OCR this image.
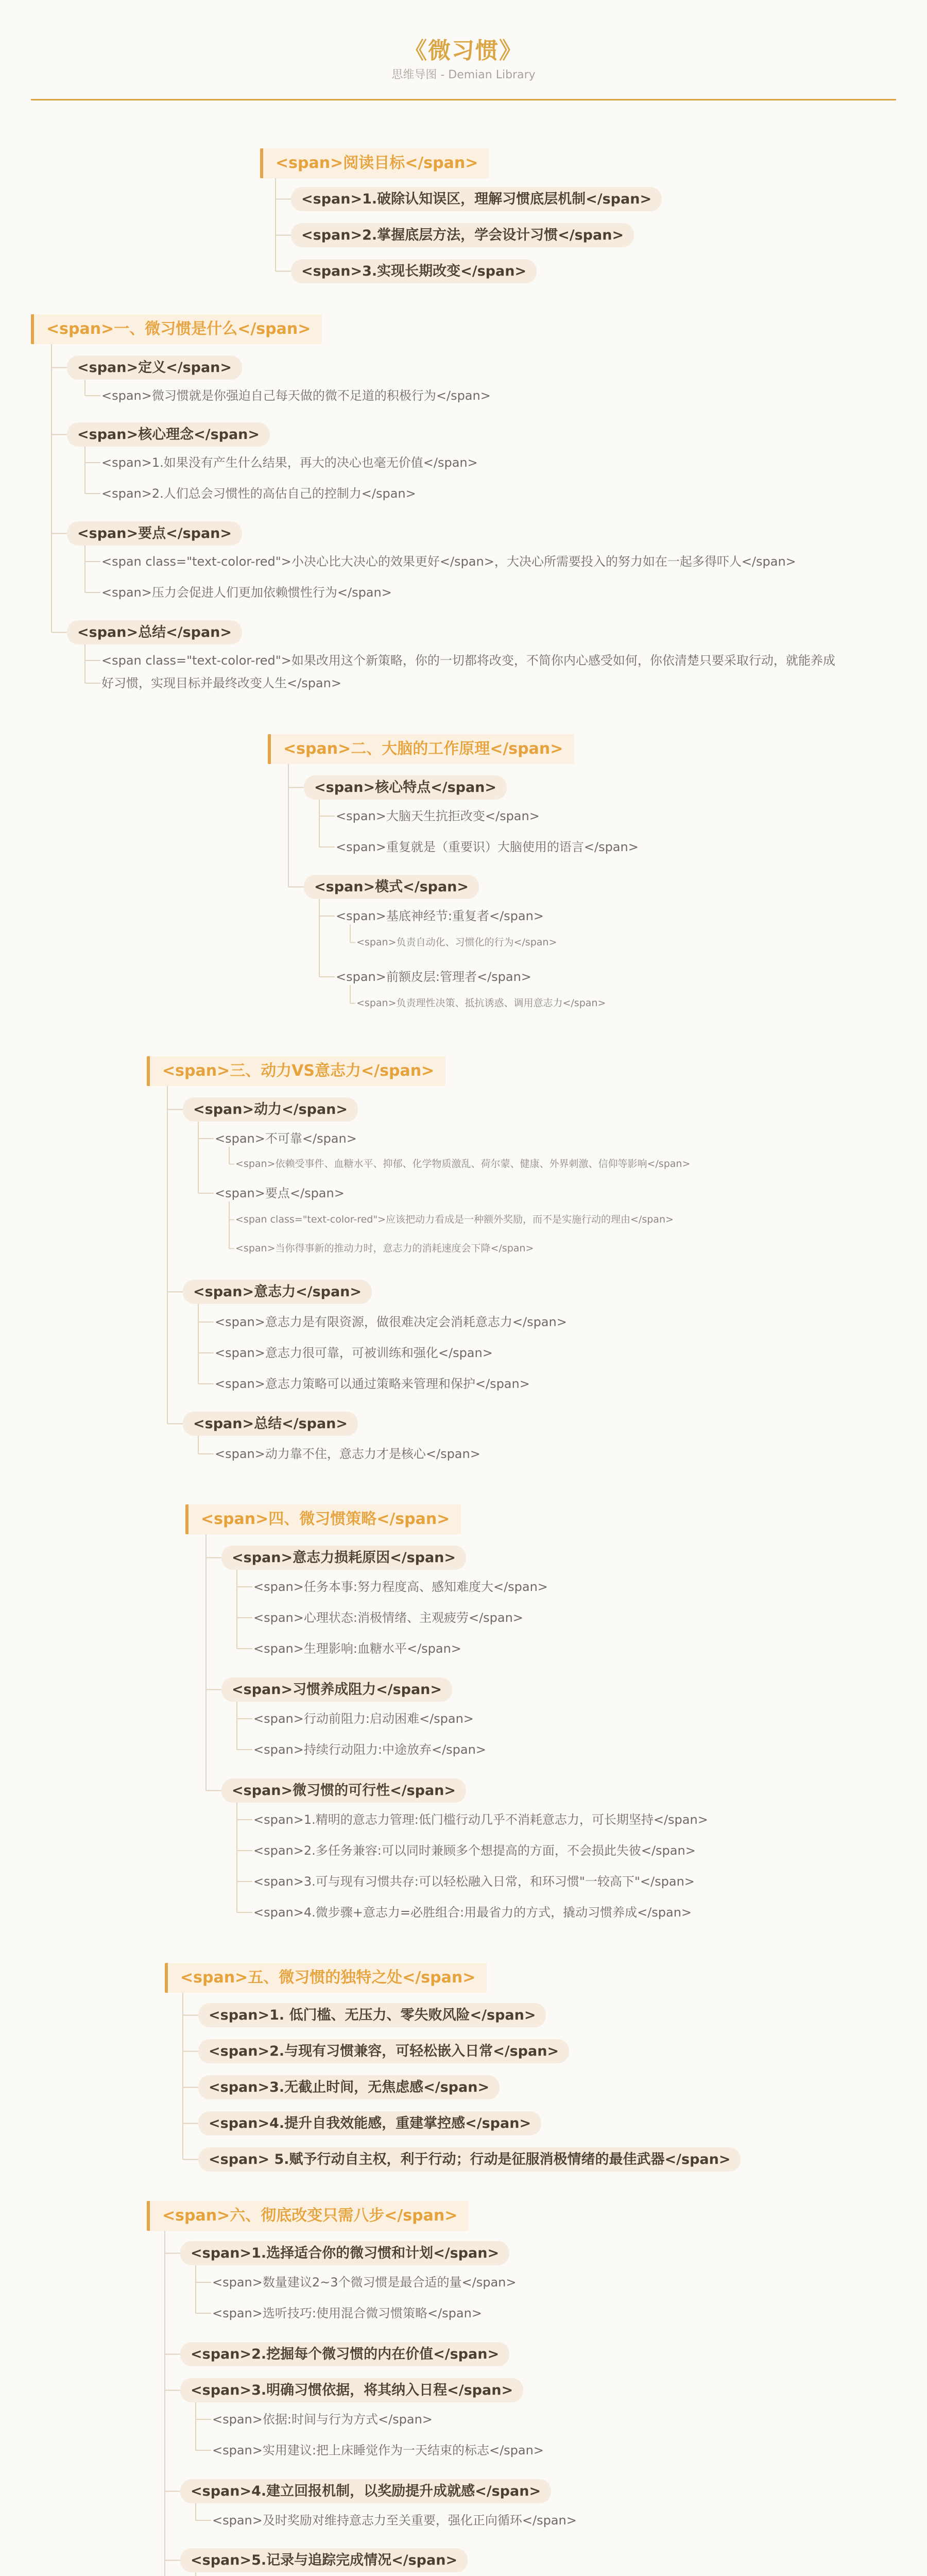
《微习惯》
思维导图 - Demian Library
<span>阅读目标</span>
<span>1.破除认知误区，理解习惯底层机制</span>
<span>2.掌握底层方法，学会设计习惯</span>
<span>3.实现长期改变</span>
<span>一、微习惯是什么</span>
<span>定义</span>
<span>微习惯就是你强迫自己每天做的微不足道的积极行为</span>
<span>核心理念</span>
<span>1.如果没有产生什么结果，再大的决心也毫无价值</span>
<span>2.人们总会习惯性的高估自己的控制力</span>
<span>要点</span>
<span class="text-color-red">小决心比大决心的效果更好</span>，大决心所需要投入的努力如在一起多得吓人</span>
<span>压力会促进人们更加依赖惯性行为</span>
<span>总结</span>
<span class="text-color-red">如果改用这个新策略，你的一切都将改变，不简你内心感受如何，你依清楚只要采取行动，就能养成
好习惯，实现目标并最终改变人生</span>
<span>二、大脑的工作原理</span>
<span>核心特点</span>
<span>大脑天生抗拒改变</span>
<span>重复就是（重要识）大脑使用的语言</span>
<span>模式</span>
<span>基底神经节:重复者</span>
<span>负责自动化、习惯化的行为</span>
<span>前额皮层:管理者</span>
<span>负责理性决策、抵抗诱惑、调用意志力</span>
<span>三、动力VS意志力</span>
<span>动力</span>
<span>不可靠</span>
<span>依赖受事件、血糖水平、抑郁、化学物质激乱、荷尔蒙、健康、外界刺激、信仰等影响</span>
<span>要点</span>
<span class="text-color-red">应该把动力看成是一种额外奖励，而不是实施行动的理由</span>
<span>当你得事新的推动力时，意志力的消耗速度会下降</span>
<span>意志力</span>
<span>意志力是有限资源，做很难决定会消耗意志力</span>
<span>意志力很可靠，可被训练和强化</span>
<span>意志力策略可以通过策略来管理和保护</span>
<span>总结</span>
<span>动力靠不住，意志力才是核心</span>
<span>四、微习惯策略</span>
<span>意志力损耗原因</span>
<span>任务本事:努力程度高、感知难度大</span>
<span>心理状态:消极情绪、主观疲劳</span>
<span>生理影响:血糖水平</span>
<span>习惯养成阻力</span>
<span>行动前阻力:启动困难</span>
<span>持续行动阻力:中途放弃</span>
<span>微习惯的可行性</span>
<span>1.精明的意志力管理:低门槛行动几乎不消耗意志力，可长期坚持</span>
<span>2.多任务兼容:可以同时兼顾多个想提高的方面，不会损此失彼</span>
<span>3.可与现有习惯共存:可以轻松融入日常，和环习惯"一较高下"</span>
<span>4.微步骤+意志力=必胜组合:用最省力的方式，撬动习惯养成</span>
<span>五、微习惯的独特之处</span>
<span>1. 低门槛、无压力、零失败风险</span>
<span>2.与现有习惯兼容，可轻松嵌入日常</span>
<span>3.无截止时间，无焦虑感</span>
<span>4.提升自我效能感，重建掌控感</span>
<span> 5.赋予行动自主权，利于行动；行动是征服消极情绪的最佳武器</span>
<span>六、彻底改变只需八步</span>
<span>1.选择适合你的微习惯和计划</span>
<span>数量建议2~3个微习惯是最合适的量</span>
<span>选听技巧:使用混合微习惯策略</span>
<span>2.挖掘每个微习惯的内在价值</span>
<span>3.明确习惯依据，将其纳入日程</span>
<span>依据:时间与行为方式</span>
<span>实用建议:把上床睡觉作为一天结束的标志</span>
<span>4.建立回报机制，以奖励提升成就感</span>
<span>及时奖励对维持意志力至关重要，强化正向循环</span>
<span>5.记录与追踪完成情况</span>
